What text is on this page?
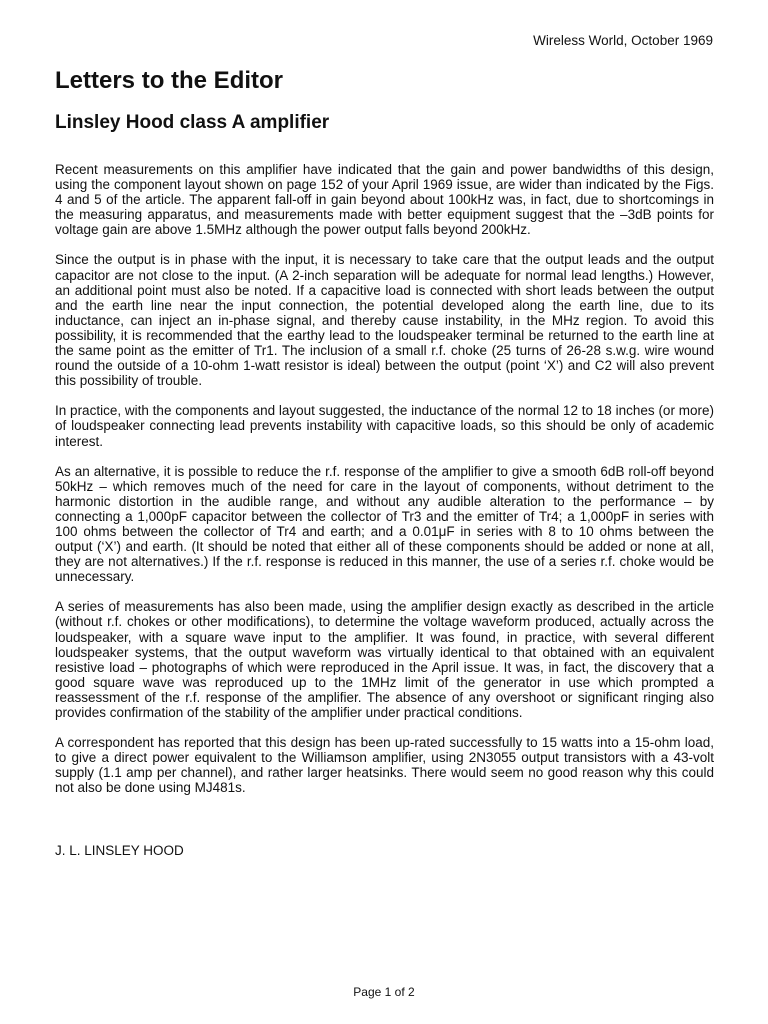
Wireless World, October 1969
Letters to the Editor
Linsley Hood class A amplifier

Recent measurements on this amplifier have indicated that the gain and power bandwidths of this design, using the component layout shown on page 152 of your April 1969 issue, are wider than indicated by the Figs. 4 and 5 of the article. The apparent fall-off in gain beyond about 100kHz was, in fact, due to shortcomings in the measuring apparatus, and measurements made with better equipment suggest that the –3dB points for voltage gain are above 1.5MHz although the power output falls beyond 200kHz.

Since the output is in phase with the input, it is necessary to take care that the output leads and the output capacitor are not close to the input. (A 2-inch separation will be adequate for normal lead lengths.) However, an additional point must also be noted. If a capacitive load is connected with short leads between the output and the earth line near the input connection, the potential developed along the earth line, due to its inductance, can inject an in-phase signal, and thereby cause instability, in the MHz region. To avoid this possibility, it is recommended that the earthy lead to the loudspeaker terminal be returned to the earth line at the same point as the emitter of Tr1. The inclusion of a small r.f. choke (25 turns of 26-28 s.w.g. wire wound round the outside of a 10-ohm 1-watt resistor is ideal) between the output (point ‘X’) and C2 will also prevent this possibility of trouble.

In practice, with the components and layout suggested, the inductance of the normal 12 to 18 inches (or more) of loudspeaker connecting lead prevents instability with capacitive loads, so this should be only of academic interest.

As an alternative, it is possible to reduce the r.f. response of the amplifier to give a smooth 6dB roll-off beyond 50kHz – which removes much of the need for care in the layout of components, without detriment to the harmonic distortion in the audible range, and without any audible alteration to the performance – by connecting a 1,000pF capacitor between the collector of Tr3 and the emitter of Tr4; a 1,000pF in series with 100 ohms between the collector of Tr4 and earth; and a 0.01μF in series with 8 to 10 ohms between the output (‘X’) and earth. (It should be noted that either all of these components should be added or none at all, they are not alternatives.) If the r.f. response is reduced in this manner, the use of a series r.f. choke would be unnecessary.

A series of measurements has also been made, using the amplifier design exactly as described in the article (without r.f. chokes or other modifications), to determine the voltage waveform produced, actually across the loudspeaker, with a square wave input to the amplifier. It was found, in practice, with several different loudspeaker systems, that the output waveform was virtually identical to that obtained with an equivalent resistive load – photographs of which were reproduced in the April issue. It was, in fact, the discovery that a good square wave was reproduced up to the 1MHz limit of the generator in use which prompted a reassessment of the r.f. response of the amplifier. The absence of any overshoot or significant ringing also provides confirmation of the stability of the amplifier under practical conditions.

A correspondent has reported that this design has been up-rated successfully to 15 watts into a 15-ohm load, to give a direct power equivalent to the Williamson amplifier, using 2N3055 output transistors with a 43-volt supply (1.1 amp per channel), and rather larger heatsinks. There would seem no good reason why this could not also be done using MJ481s.

J. L. LINSLEY HOOD
Page 1 of 2
